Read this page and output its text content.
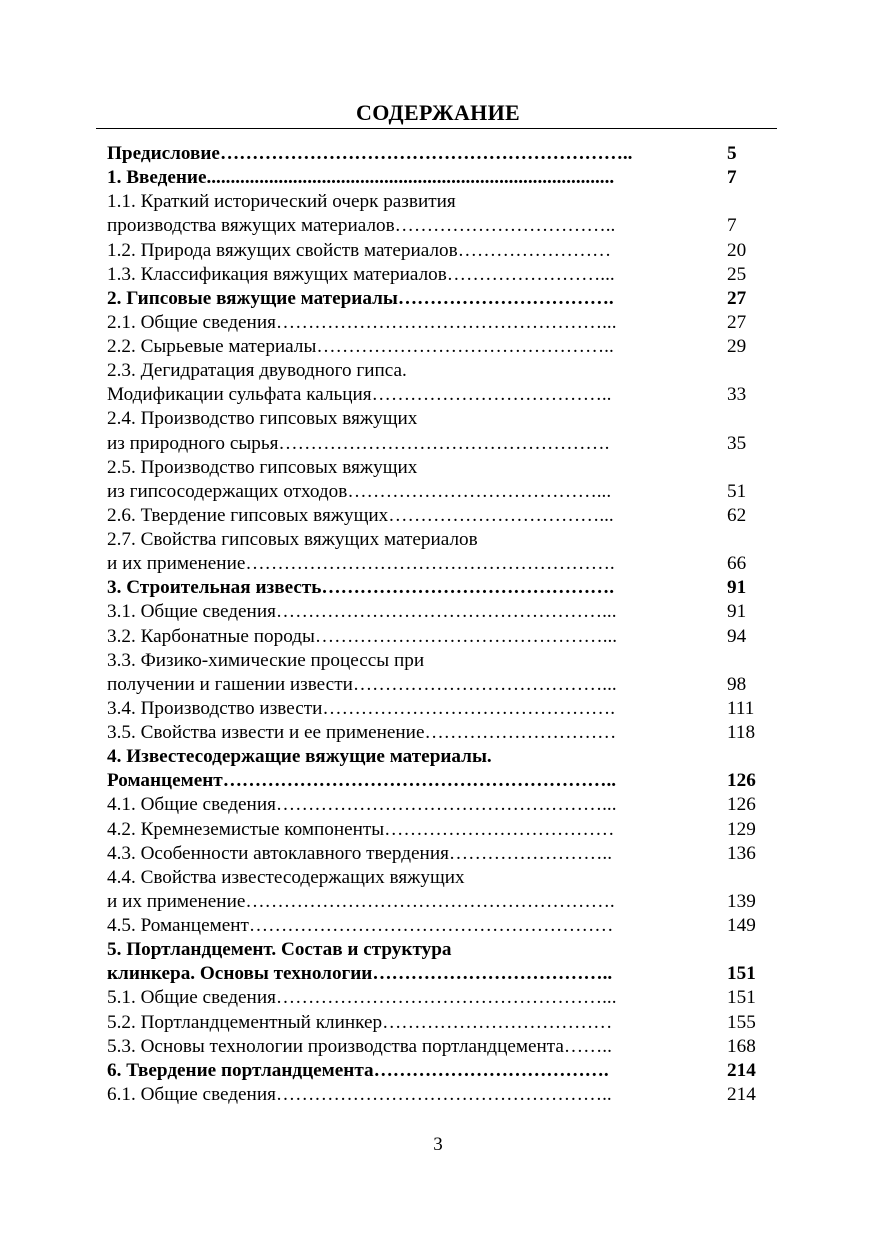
СОДЕРЖАНИЕ
Предисловие………………………………………………………..	5
1. Введение.....................................................................................	7
1.1. Краткий исторический очерк развития
производства вяжущих материалов……………………………..	7
1.2. Природа вяжущих свойств материалов……………………	20
1.3. Классификация вяжущих материалов……………………...	25
2. Гипсовые вяжущие материалы…………………………….	27
2.1. Общие сведения……………………………………………...	27
2.2. Сырьевые материалы………………………………………..	29
2.3. Дегидратация двуводного гипса.
Модификации сульфата кальция………………………………..	33
2.4. Производство гипсовых вяжущих
из природного сырья…………………………………………….	35
2.5. Производство гипсовых вяжущих
из гипсосодержащих отходов…………………………………...	51
2.6. Твердение гипсовых вяжущих……………………………...	62
2.7. Свойства гипсовых вяжущих материалов
и их применение………………………………………………….	66
3. Строительная известь……………………………………….	91
3.1. Общие сведения……………………………………………...	91
3.2. Карбонатные породы………………………………………...	94
3.3. Физико-химические процессы при
получении и гашении извести…………………………………...	98
3.4. Производство извести……………………………………….	111
3.5. Свойства извести и ее применение…………………………	118
4. Известесодержащие вяжущие материалы.
Романцемент……………………………………………………..	126
4.1. Общие сведения……………………………………………...	126
4.2. Кремнеземистые компоненты………………………………	129
4.3. Особенности автоклавного твердения……………………..	136
4.4. Свойства известесодержащих вяжущих
и их применение………………………………………………….	139
4.5. Романцемент…………………………………………………	149
5. Портландцемент. Состав и структура
клинкера. Основы технологии………………………………..	151
5.1. Общие сведения……………………………………………...	151
5.2. Портландцементный клинкер………………………………	155
5.3. Основы технологии производства портландцемента……..	168
6. Твердение портландцемента……………………………….	214
6.1. Общие сведения……………………………………………..	214
3
